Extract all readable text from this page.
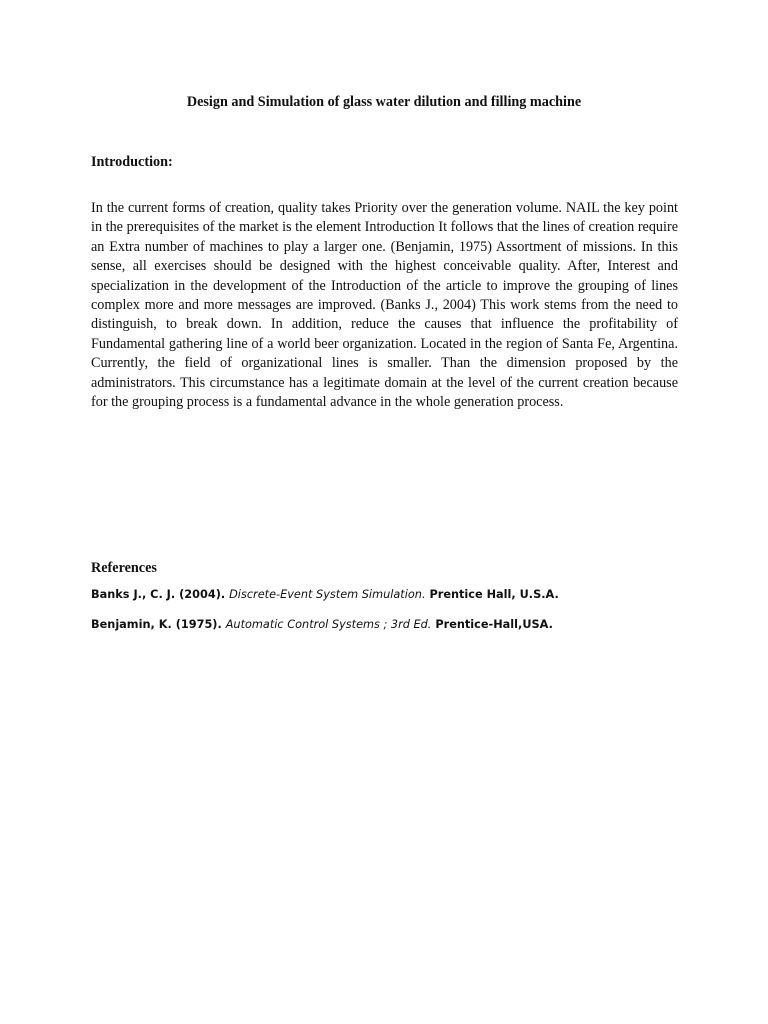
Design and Simulation of glass water dilution and filling machine
Introduction:

In the current forms of creation, quality takes Priority over the generation volume. NAIL the key point in the prerequisites of the market is the element Introduction It follows that the lines of creation require an Extra number of machines to play a larger one. (Benjamin, 1975) Assortment of missions. In this sense, all exercises should be designed with the highest conceivable quality. After, Interest and specialization in the development of the Introduction of the article to improve the grouping of lines complex more and more messages are improved. (Banks J., 2004) This work stems from the need to distinguish, to break down. In addition, reduce the causes that influence the profitability of Fundamental gathering line of a world beer organization. Located in the region of Santa Fe, Argentina. Currently, the field of organizational lines is smaller. Than the dimension proposed by the administrators. This circumstance has a legitimate domain at the level of the current creation because for the grouping process is a fundamental advance in the whole generation process.

References
Banks J., C. J. (2004). Discrete-Event System Simulation. Prentice Hall, U.S.A.
Benjamin, K. (1975). Automatic Control Systems ; 3rd Ed. Prentice-Hall,USA.
